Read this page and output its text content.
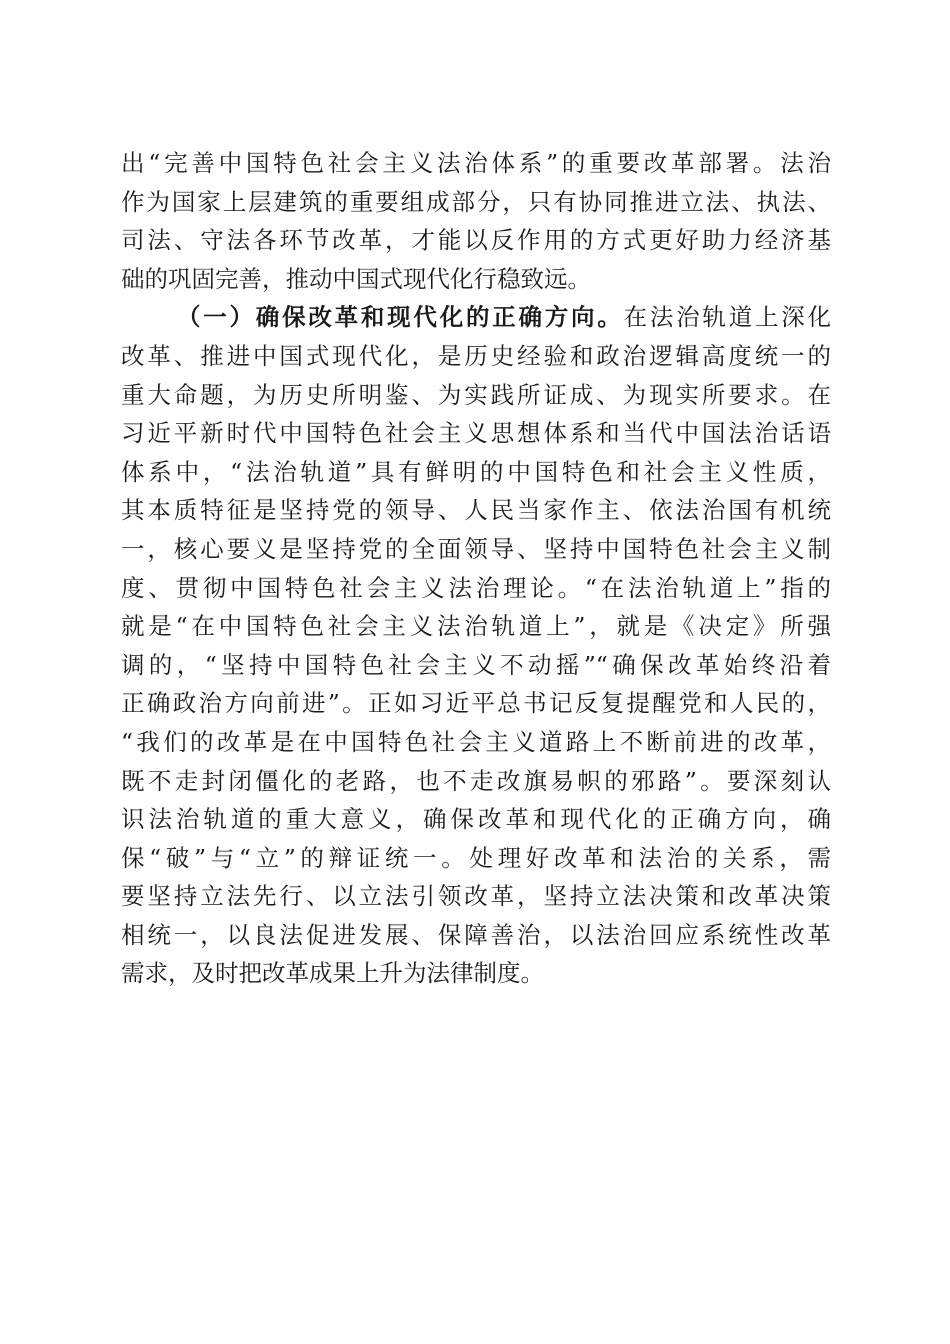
出“完善中国特色社会主义法治体系”的重要改革部署。法治
作为国家上层建筑的重要组成部分，只有协同推进立法、执法、
司法、守法各环节改革，才能以反作用的方式更好助力经济基
础的巩固完善，推动中国式现代化行稳致远。
（一）确保改革和现代化的正确方向。在法治轨道上深化
改革、推进中国式现代化，是历史经验和政治逻辑高度统一的
重大命题，为历史所明鉴、为实践所证成、为现实所要求。在
习近平新时代中国特色社会主义思想体系和当代中国法治话语
体系中，“法治轨道”具有鲜明的中国特色和社会主义性质，
其本质特征是坚持党的领导、人民当家作主、依法治国有机统
一，核心要义是坚持党的全面领导、坚持中国特色社会主义制
度、贯彻中国特色社会主义法治理论。“在法治轨道上”指的
就是“在中国特色社会主义法治轨道上”，就是《决定》所强
调的，“坚持中国特色社会主义不动摇”“确保改革始终沿着
正确政治方向前进”。正如习近平总书记反复提醒党和人民的，
“我们的改革是在中国特色社会主义道路上不断前进的改革，
既不走封闭僵化的老路，也不走改旗易帜的邪路”。要深刻认
识法治轨道的重大意义，确保改革和现代化的正确方向，确
保“破”与“立”的辩证统一。处理好改革和法治的关系，需
要坚持立法先行、以立法引领改革，坚持立法决策和改革决策
相统一，以良法促进发展、保障善治，以法治回应系统性改革
需求，及时把改革成果上升为法律制度。
